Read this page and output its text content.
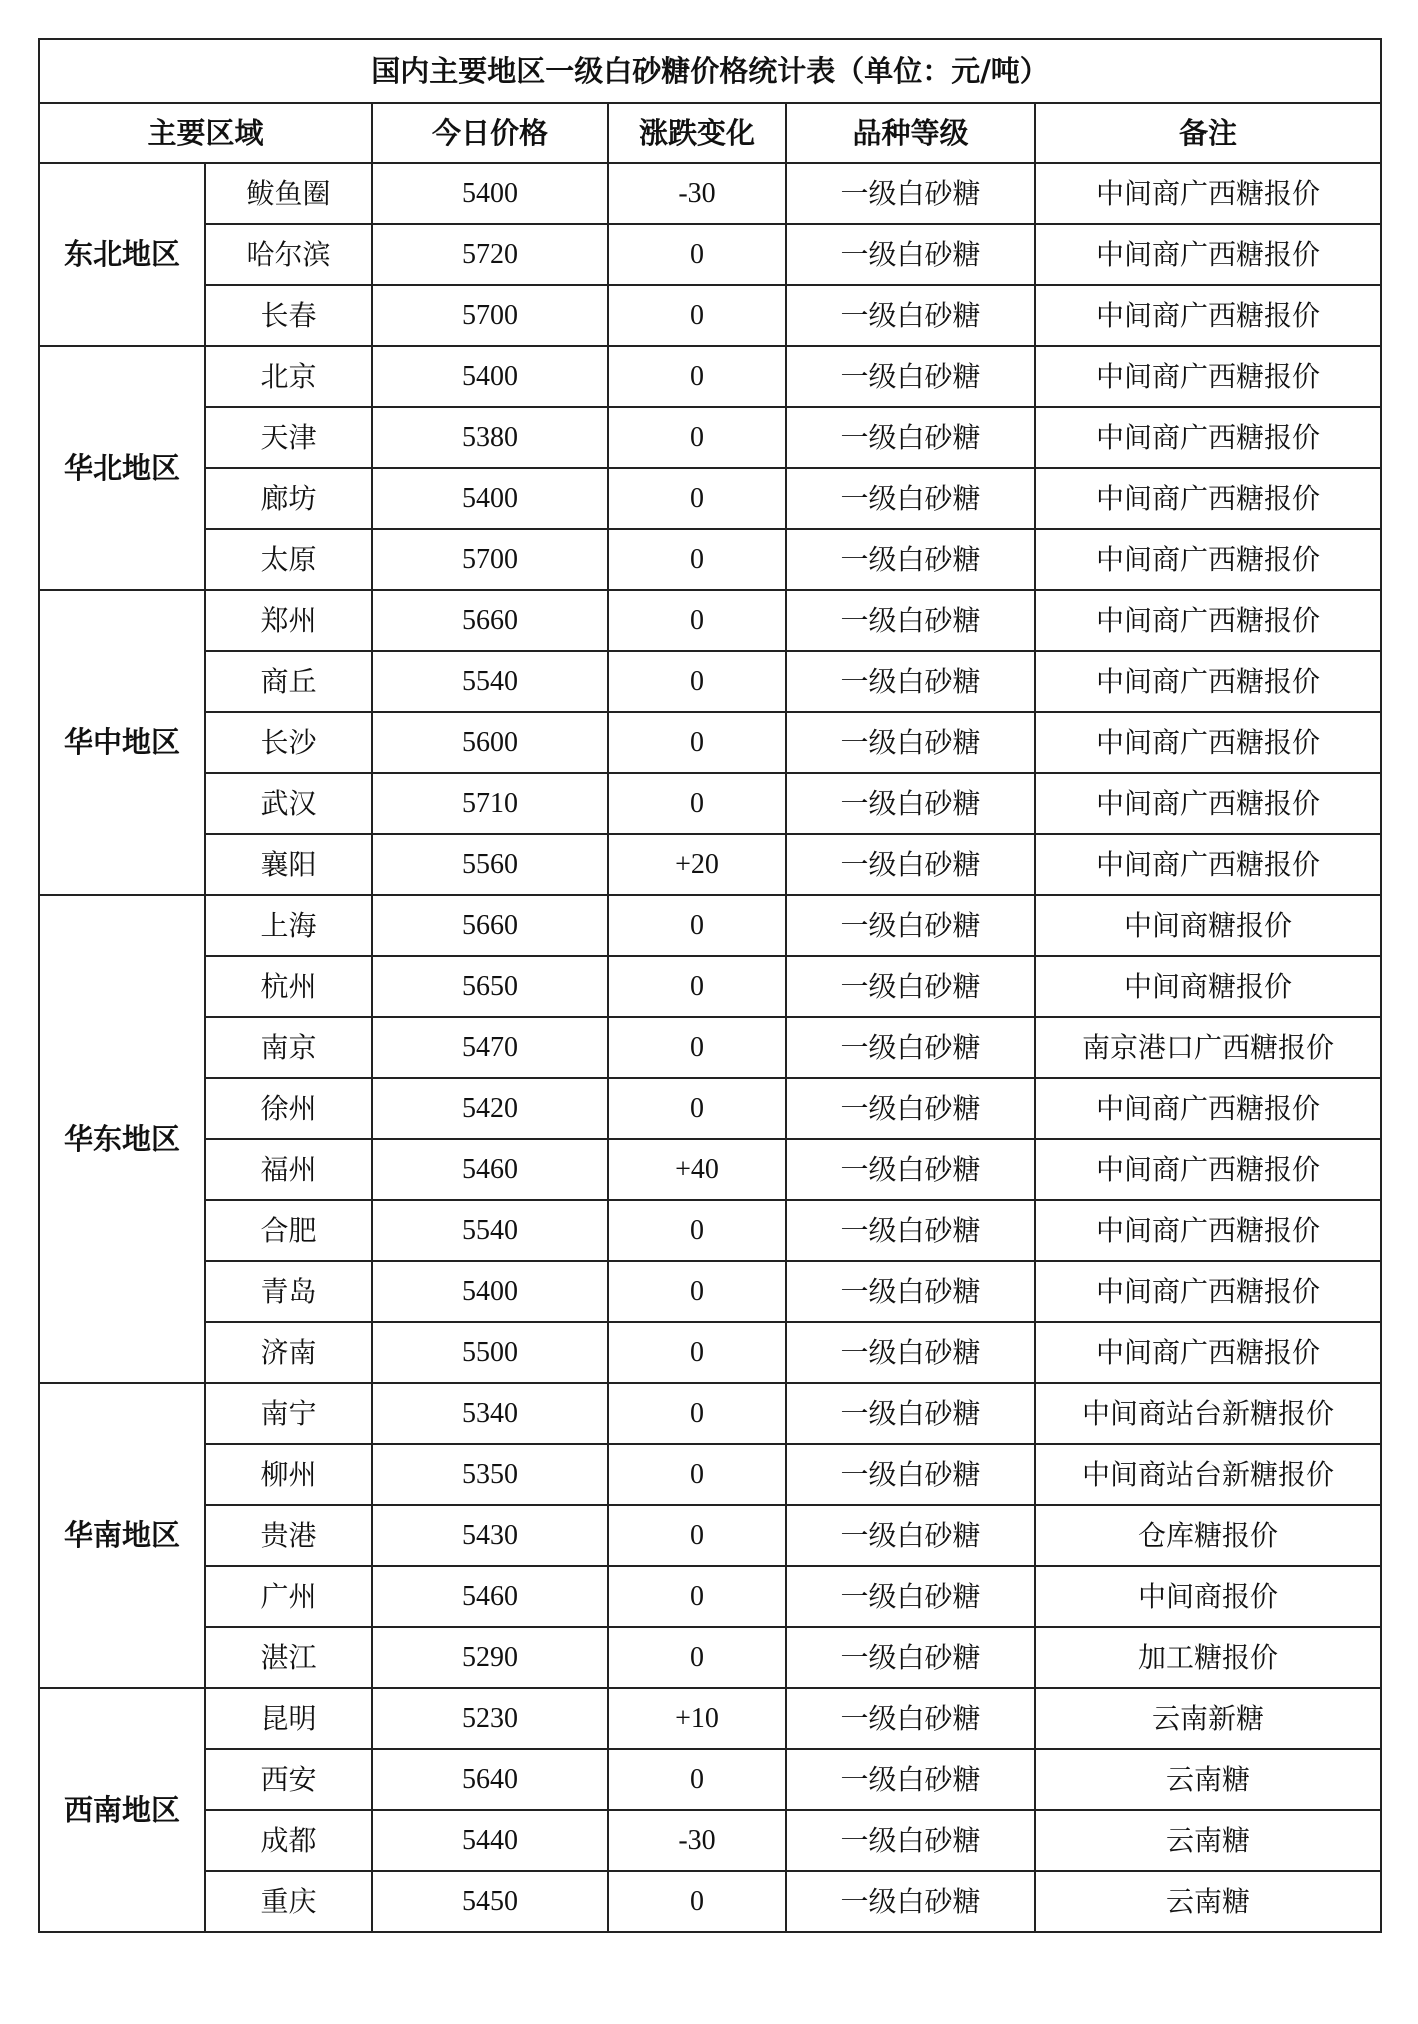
国内主要地区一级白砂糖价格统计表（单位：元/吨）					
主要区域		今日价格	涨跌变化	品种等级	备注
东北地区	鲅鱼圈	5400	-30	一级白砂糖	中间商广西糖报价
	哈尔滨	5720	0	一级白砂糖	中间商广西糖报价
	长春	5700	0	一级白砂糖	中间商广西糖报价
华北地区	北京	5400	0	一级白砂糖	中间商广西糖报价
	天津	5380	0	一级白砂糖	中间商广西糖报价
	廊坊	5400	0	一级白砂糖	中间商广西糖报价
	太原	5700	0	一级白砂糖	中间商广西糖报价
华中地区	郑州	5660	0	一级白砂糖	中间商广西糖报价
	商丘	5540	0	一级白砂糖	中间商广西糖报价
	长沙	5600	0	一级白砂糖	中间商广西糖报价
	武汉	5710	0	一级白砂糖	中间商广西糖报价
	襄阳	5560	+20	一级白砂糖	中间商广西糖报价
华东地区	上海	5660	0	一级白砂糖	中间商糖报价
	杭州	5650	0	一级白砂糖	中间商糖报价
	南京	5470	0	一级白砂糖	南京港口广西糖报价
	徐州	5420	0	一级白砂糖	中间商广西糖报价
	福州	5460	+40	一级白砂糖	中间商广西糖报价
	合肥	5540	0	一级白砂糖	中间商广西糖报价
	青岛	5400	0	一级白砂糖	中间商广西糖报价
	济南	5500	0	一级白砂糖	中间商广西糖报价
华南地区	南宁	5340	0	一级白砂糖	中间商站台新糖报价
	柳州	5350	0	一级白砂糖	中间商站台新糖报价
	贵港	5430	0	一级白砂糖	仓库糖报价
	广州	5460	0	一级白砂糖	中间商报价
	湛江	5290	0	一级白砂糖	加工糖报价
西南地区	昆明	5230	+10	一级白砂糖	云南新糖
	西安	5640	0	一级白砂糖	云南糖
	成都	5440	-30	一级白砂糖	云南糖
	重庆	5450	0	一级白砂糖	云南糖
